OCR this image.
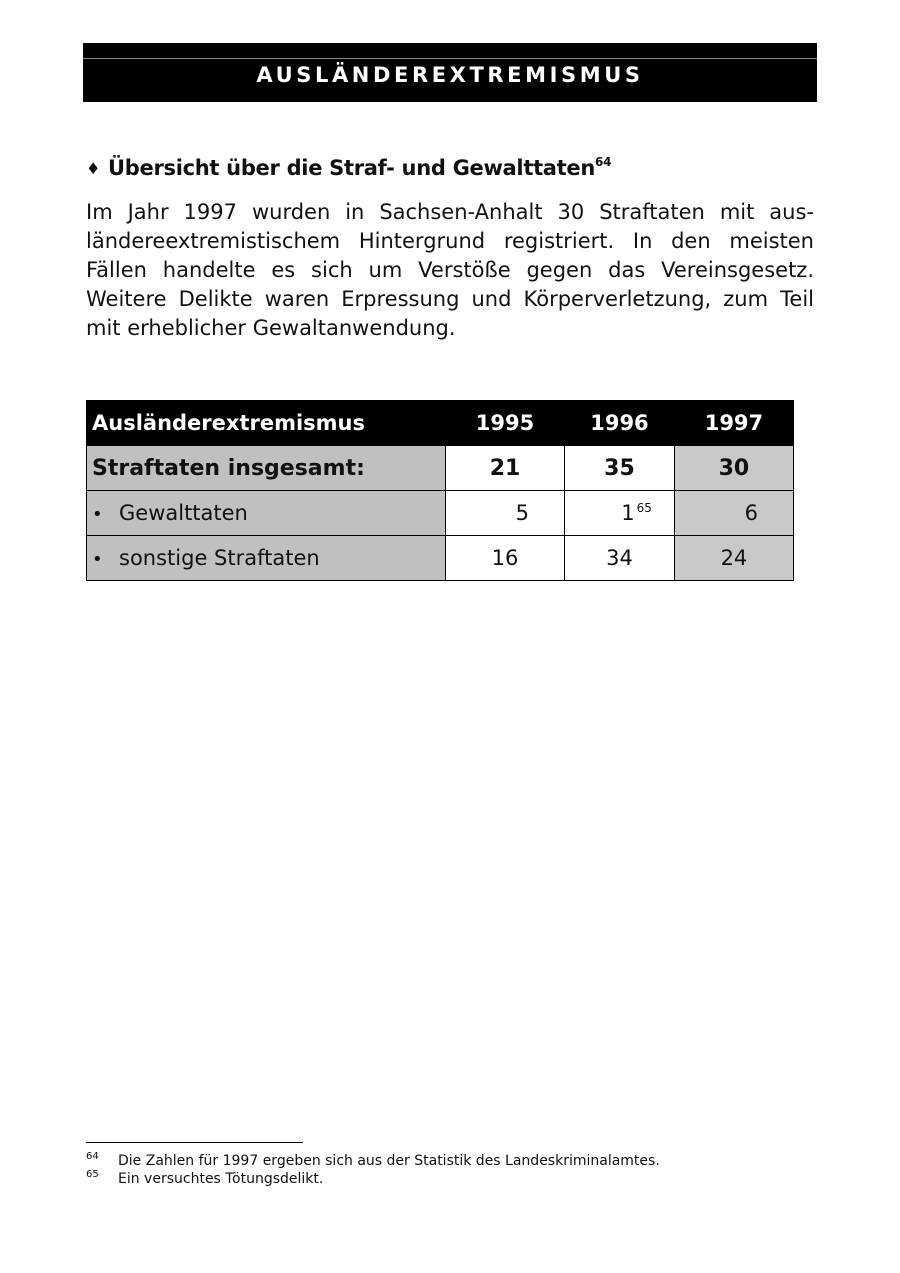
AUSLÄNDEREXTREMISMUS
♦ Übersicht über die Straf- und Gewalttaten$^{64}$
Im Jahr 1997 wurden in Sachsen-Anhalt 30 Straftaten mit aus-ländereextremistischem Hintergrund registriert. In den meisten Fällen handelte es sich um Verstöße gegen das Vereinsgesetz. Weitere Delikte waren Erpressung und Körperverletzung, zum Teil mit erheblicher Gewaltanwendung.
Ausländerextremismus	1995	1996	1997
Straftaten insgesamt:	21	35	30
• Gewalttaten	5	1 $^{65}$	6
• sonstige Straftaten	16	34	24
64 Die Zahlen für 1997 ergeben sich aus der Statistik des Landeskriminalamtes.
65 Ein versuchtes Tötungsdelikt.
